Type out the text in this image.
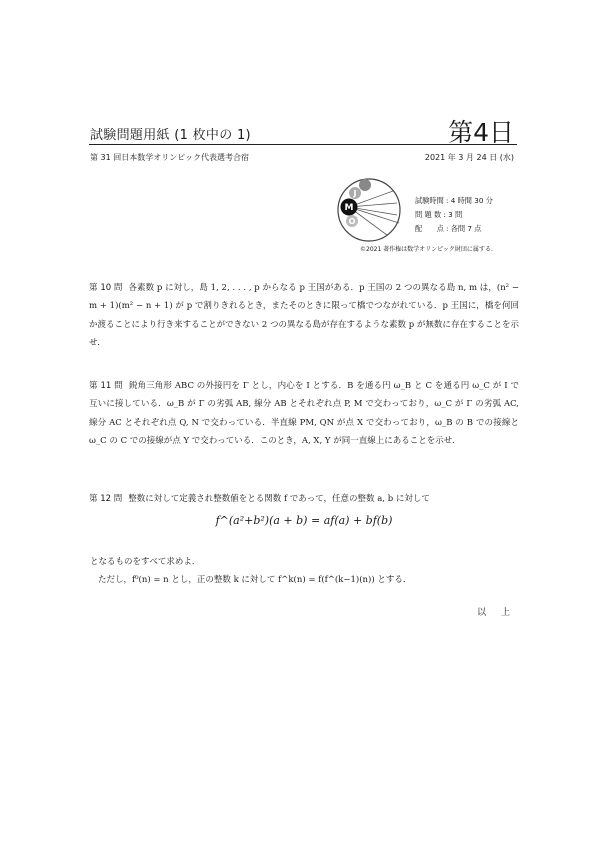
試験問題用紙 (1 枚中の 1)	第4日
第 31 回日本数学オリンピック代表選考合宿	2021 年 3 月 24 日 (水)
J
M
O
試験時間 : 4 時間 30 分
問 題 数 : 3 問
配　　点 : 各問 7 点
©2021 著作権は数学オリンピック財団に属する.

第 10 問 各素数 p に対し，島 1, 2, . . . , p からなる p 王国がある．p 王国の 2 つの異なる島 n, m は，(n² − m + 1)(m² − n + 1) が p で割りきれるとき，またそのときに限って橋でつながれている．p 王国に，橋を何回か渡ることにより行き来することができない 2 つの異なる島が存在するような素数 p が無数に存在することを示せ．

第 11 問 鋭角三角形 ABC の外接円を Γ とし，内心を I とする．B を通る円 ω_B と C を通る円 ω_C が I で互いに接している．ω_B が Γ の劣弧 AB, 線分 AB とそれぞれ点 P, M で交わっており，ω_C が Γ の劣弧 AC, 線分 AC とそれぞれ点 Q, N で交わっている．半直線 PM, QN が点 X で交わっており，ω_B の B での接線と ω_C の C での接線が点 Y で交わっている．このとき，A, X, Y が同一直線上にあることを示せ．

第 12 問 整数に対して定義され整数値をとる関数 f であって，任意の整数 a, b に対して

f^(a²+b²)(a + b) = af(a) + bf(b)

となるものをすべて求めよ．

ただし，f⁰(n) = n とし，正の整数 k に対して f^k(n) = f(f^(k−1)(n)) とする．

以 上
